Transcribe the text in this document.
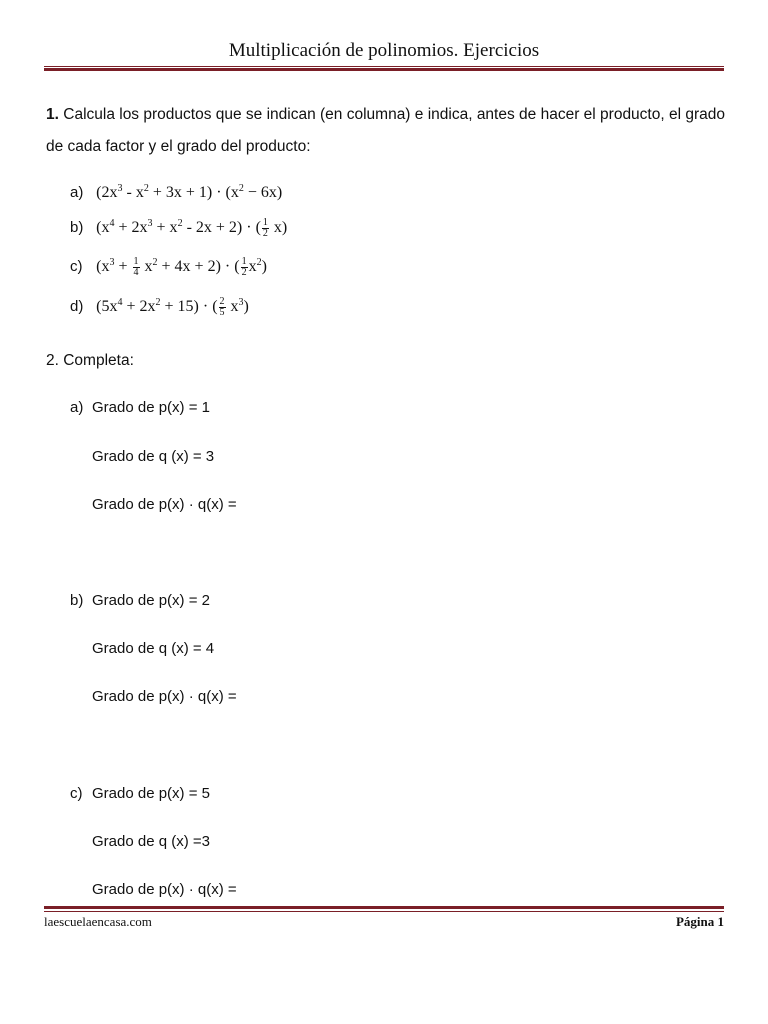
Multiplicación de polinomios. Ejercicios
1. Calcula los productos que se indican (en columna) e indica, antes de hacer el producto, el grado de cada factor y el grado del producto:
a) $(2x^3 - x^2 + 3x + 1) \cdot (x^2 - 6x)$
b) $(x^4 + 2x^3 + x^2 - 2x + 2)$ · ( $\frac{1}{2} x$)
c) $(x^3 + \frac{1}{4} x^2 + 4x + 2)$ · ( $\frac{1}{2} x^2$)
d) $(5x^4 + 2x^2 + 15)$ · ( $\frac{2}{5} x^3$)
2. Completa:
a) Grado de p(x) = 1
Grado de q (x) = 3
Grado de p(x) · q(x) =
b) Grado de p(x) = 2
Grado de q (x) = 4
Grado de p(x) · q(x) =
c) Grado de p(x) = 5
Grado de q (x) =3
Grado de p(x) · q(x) =
laescuelaencasa.com	Página 1
